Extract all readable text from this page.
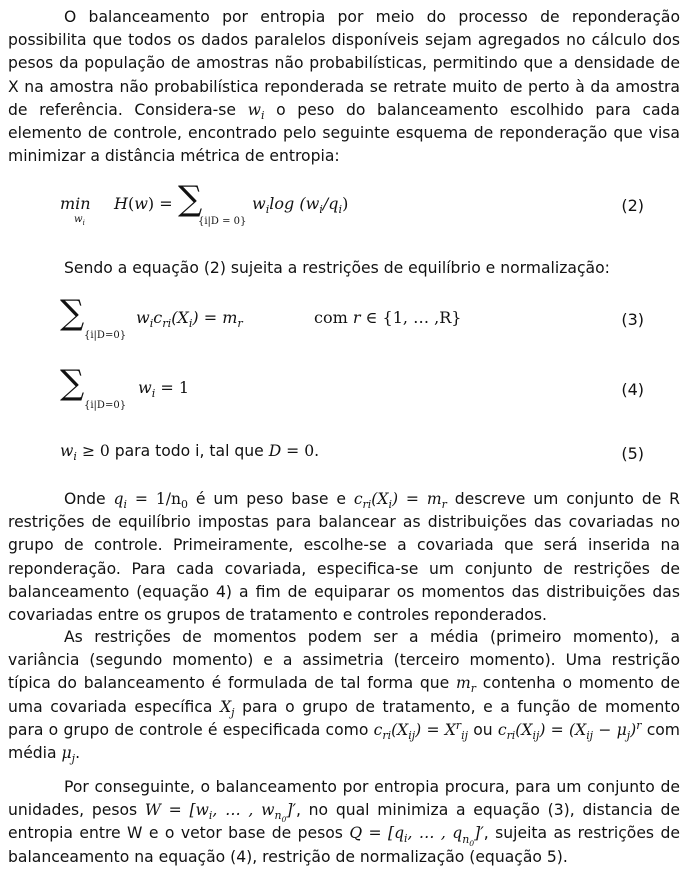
O balanceamento por entropia por meio do processo de reponderação possibilita que todos os dados paralelos disponíveis sejam agregados no cálculo dos pesos da população de amostras não probabilísticas, permitindo que a densidade de X na amostra não probabilística reponderada se retrate muito de perto à da amostra de referência. Considera-se $w_i$ o peso do balanceamento escolhido para cada elemento de controle, encontrado pelo seguinte esquema de reponderação que visa minimizar a distância métrica de entropia:

min
$w_i$
H(w) = ∑
{i|D = 0}
$w_i\log$ $(w_i/q_i)$	(2)

Sendo a equação (2) sujeita a restrições de equilíbrio e normalização:

∑
{i|D=0}
$w_ic_{ri}(X_i) = m_r$	com r ∈ {1, … ,R}	(3)
∑
{i|D=0}
$w_i = 1$	(4)
$w_i \ge 0$ para todo i, tal que D = 0.	(5)

Onde $q_i = 1/n_0$ é um peso base e $c_{ri}(X_i) = m_r$ descreve um conjunto de R restrições de equilíbrio impostas para balancear as distribuições das covariadas no grupo de controle. Primeiramente, escolhe-se a covariada que será inserida na reponderação. Para cada covariada, especifica-se um conjunto de restrições de balanceamento (equação 4) a fim de equiparar os momentos das distribuições das covariadas entre os grupos de tratamento e controles reponderados.

As restrições de momentos podem ser a média (primeiro momento), a variância (segundo momento) e a assimetria (terceiro momento). Uma restrição típica do balanceamento é formulada de tal forma que $m_r$ contenha o momento de uma covariada específica $X_j$ para o grupo de tratamento, e a função de momento para o grupo de controle é especificada como $c_{ri}(X_{ij}) = X^r_{ij}$ ou $c_{ri}(X_{ij}) = (X_{ij} - \mu_j)^r$ com média $\mu_j$.

Por conseguinte, o balanceamento por entropia procura, para um conjunto de unidades, pesos $W = [w_i$, … , $w_{n_0}]'$, no qual minimiza a equação (3), distancia de entropia entre W e o vetor base de pesos $Q = [q_i$, … , $q_{n_0}]'$, sujeita as restrições de balanceamento na equação (4), restrição de normalização (equação 5).
